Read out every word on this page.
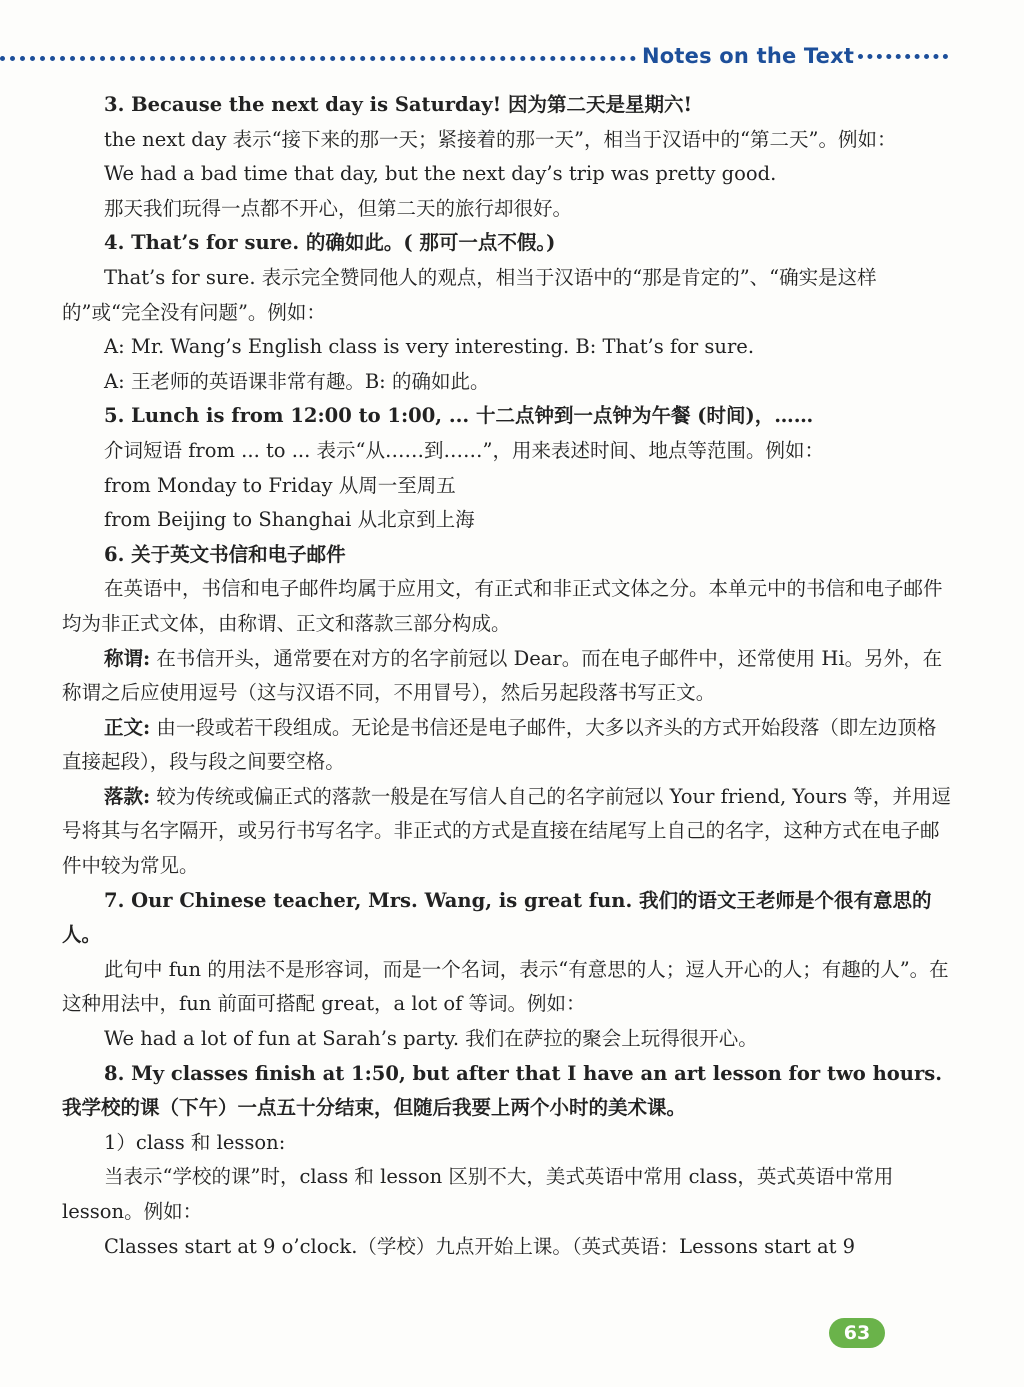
Notes on the Text

3. Because the next day is Saturday! 因为第二天是星期六!

the next day 表示“接下来的那一天；紧接着的那一天”，相当于汉语中的“第二天”。例如：

We had a bad time that day, but the next day’s trip was pretty good.

那天我们玩得一点都不开心，但第二天的旅行却很好。

4. That’s for sure. 的确如此。( 那可一点不假。)

That’s for sure. 表示完全赞同他人的观点，相当于汉语中的“那是肯定的”、“确实是这样的”或“完全没有问题”。例如：

A: Mr. Wang’s English class is very interesting. B: That’s for sure.

A: 王老师的英语课非常有趣。B: 的确如此。

5. Lunch is from 12:00 to 1:00, ... 十二点钟到一点钟为午餐 (时间)，……

介词短语 from ... to ... 表示“从……到……”，用来表述时间、地点等范围。例如：

from Monday to Friday 从周一至周五

from Beijing to Shanghai 从北京到上海

6. 关于英文书信和电子邮件

在英语中，书信和电子邮件均属于应用文，有正式和非正式文体之分。本单元中的书信和电子邮件均为非正式文体，由称谓、正文和落款三部分构成。

称谓: 在书信开头，通常要在对方的名字前冠以 Dear。而在电子邮件中，还常使用 Hi。另外，在称谓之后应使用逗号（这与汉语不同，不用冒号），然后另起段落书写正文。

正文: 由一段或若干段组成。无论是书信还是电子邮件，大多以齐头的方式开始段落（即左边顶格直接起段），段与段之间要空格。

落款: 较为传统或偏正式的落款一般是在写信人自己的名字前冠以 Your friend, Yours 等，并用逗号将其与名字隔开，或另行书写名字。非正式的方式是直接在结尾写上自己的名字，这种方式在电子邮件中较为常见。

7. Our Chinese teacher, Mrs. Wang, is great fun. 我们的语文王老师是个很有意思的人。

此句中 fun 的用法不是形容词，而是一个名词，表示“有意思的人；逗人开心的人；有趣的人”。在这种用法中，fun 前面可搭配 great，a lot of 等词。例如：

We had a lot of fun at Sarah’s party. 我们在萨拉的聚会上玩得很开心。

8. My classes finish at 1:50, but after that I have an art lesson for two hours. 我学校的课（下午）一点五十分结束，但随后我要上两个小时的美术课。

1）class 和 lesson:

当表示“学校的课”时，class 和 lesson 区别不大，美式英语中常用 class，英式英语中常用 lesson。例如：

Classes start at 9 o’clock.（学校）九点开始上课。（英式英语：Lessons start at 9

63
